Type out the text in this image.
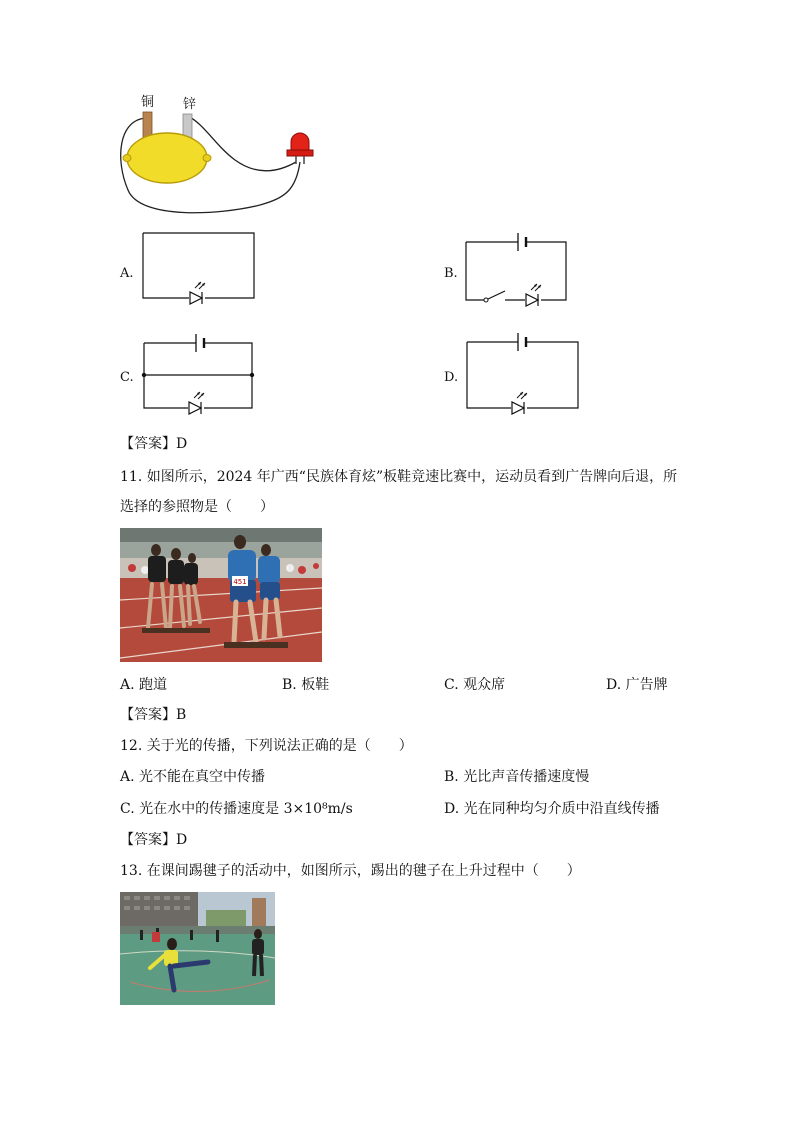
铜 锌
A.	B.
C.	D.
【答案】D
11. 如图所示，2024 年广西“民族体育炫”板鞋竞速比赛中，运动员看到广告牌向后退，所
选择的参照物是（　　）
451
A. 跑道	B. 板鞋	C. 观众席	D. 广告牌
【答案】B
12. 关于光的传播，下列说法正确的是（　　）
A. 光不能在真空中传播	B. 光比声音传播速度慢
C. 光在水中的传播速度是 3×10⁸m/s	D. 光在同种均匀介质中沿直线传播
【答案】D
13. 在课间踢毽子的活动中，如图所示，踢出的毽子在上升过程中（　　）
